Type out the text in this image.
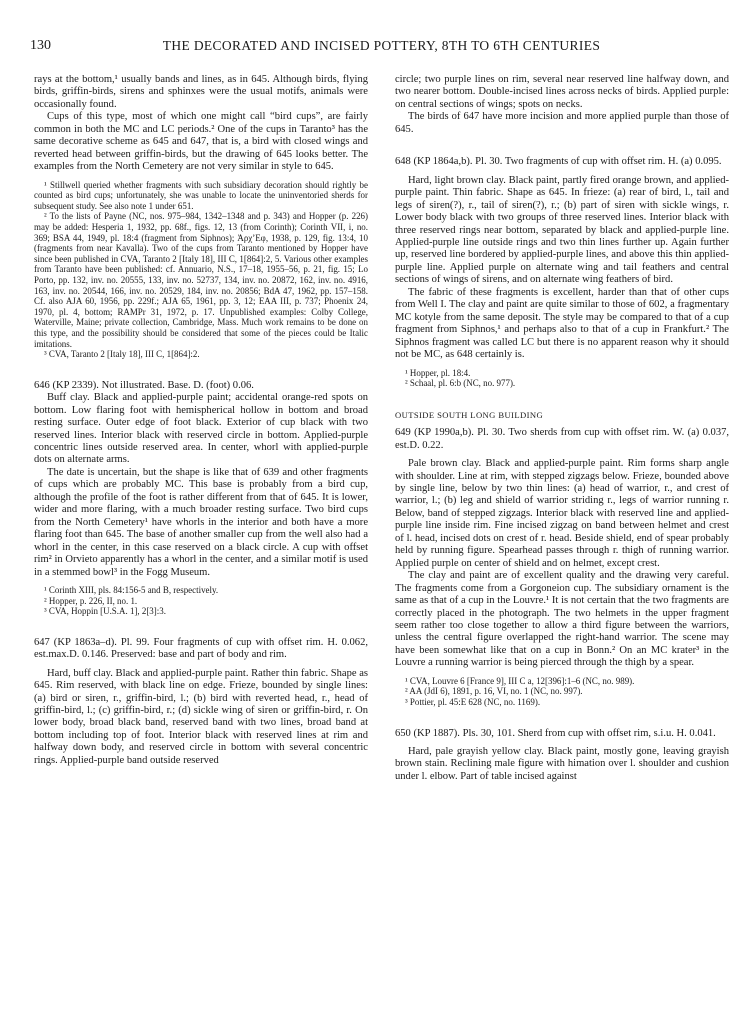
130	THE DECORATED AND INCISED POTTERY, 8TH TO 6TH CENTURIES

rays at the bottom,¹ usually bands and lines, as in 645. Although birds, flying birds, griffin-birds, sirens and sphinxes were the usual motifs, animals were occasionally found.

Cups of this type, most of which one might call “bird cups”, are fairly common in both the MC and LC periods.² One of the cups in Taranto³ has the same decorative scheme as 645 and 647, that is, a bird with closed wings and reverted head between griffin-birds, but the drawing of 645 looks better. The examples from the North Cemetery are not very similar in style to 645.

¹ Stillwell queried whether fragments with such subsidiary decoration should rightly be counted as bird cups; unfortunately, she was unable to locate the uninventoried sherds for subsequent study. See also note 1 under 651.

² To the lists of Payne (NC, nos. 975–984, 1342–1348 and p. 343) and Hopper (p. 226) may be added: Hesperia 1, 1932, pp. 68f., figs. 12, 13 (from Corinth); Corinth VII, i, no. 369; BSA 44, 1949, pl. 18:4 (fragment from Siphnos); Ἀρχ’Εφ, 1938, p. 129, fig. 13:4, 10 (fragments from near Kavalla). Two of the cups from Taranto mentioned by Hopper have since been published in CVA, Taranto 2 [Italy 18], III C, 1[864]:2, 5. Various other examples from Taranto have been published: cf. Annuario, N.S., 17–18, 1955–56, p. 21, fig. 15; Lo Porto, pp. 132, inv. no. 20555, 133, inv. no. 52737, 134, inv. no. 20872, 162, inv. no. 4916, 163, inv. no. 20544, 166, inv. no. 20529, 184, inv. no. 20856; BdA 47, 1962, pp. 157–158. Cf. also AJA 60, 1956, pp. 229f.; AJA 65, 1961, pp. 3, 12; EAA III, p. 737; Phoenix 24, 1970, pl. 4, bottom; RAMPr 31, 1972, p. 17. Unpublished examples: Colby College, Waterville, Maine; private collection, Cambridge, Mass. Much work remains to be done on this type, and the possibility should be considered that some of the pieces could be Italic imitations.

³ CVA, Taranto 2 [Italy 18], III C, 1[864]:2.

646 (KP 2339). Not illustrated. Base. D. (foot) 0.06.

Buff clay. Black and applied-purple paint; accidental orange-red spots on bottom. Low flaring foot with hemispherical hollow in bottom and broad resting surface. Outer edge of foot black. Exterior of cup black with two reserved lines. Interior black with reserved circle in bottom. Applied-purple concentric lines outside reserved area. In center, whorl with applied-purple dots on alternate arms.

The date is uncertain, but the shape is like that of 639 and other fragments of cups which are probably MC. This base is probably from a bird cup, although the profile of the foot is rather different from that of 645. It is lower, wider and more flaring, with a much broader resting surface. Two bird cups from the North Cemetery¹ have whorls in the interior and both have a more flaring foot than 645. The base of another smaller cup from the well also had a whorl in the center, in this case reserved on a black circle. A cup with offset rim² in Orvieto apparently has a whorl in the center, and a similar motif is used in a stemmed bowl³ in the Fogg Museum.

¹ Corinth XIII, pls. 84:156-5 and B, respectively.

² Hopper, p. 226, II, no. 1.

³ CVA, Hoppin [U.S.A. 1], 2[3]:3.

647 (KP 1863a–d). Pl. 99. Four fragments of cup with offset rim. H. 0.062, est.max.D. 0.146. Preserved: base and part of body and rim.

Hard, buff clay. Black and applied-purple paint. Rather thin fabric. Shape as 645. Rim reserved, with black line on edge. Frieze, bounded by single lines: (a) bird or siren, r., griffin-bird, l.; (b) bird with reverted head, r., head of griffin-bird, l.; (c) griffin-bird, r.; (d) sickle wing of siren or griffin-bird, r. On lower body, broad black band, reserved band with two lines, broad band at bottom including top of foot. Interior black with reserved lines at rim and halfway down body, and reserved circle in bottom with several concentric rings. Applied-purple band outside reserved

circle; two purple lines on rim, several near reserved line halfway down, and two nearer bottom. Double-incised lines across necks of birds. Applied purple: on central sections of wings; spots on necks.

The birds of 647 have more incision and more applied purple than those of 645.

648 (KP 1864a,b). Pl. 30. Two fragments of cup with offset rim. H. (a) 0.095.

Hard, light brown clay. Black paint, partly fired orange brown, and applied-purple paint. Thin fabric. Shape as 645. In frieze: (a) rear of bird, l., tail and legs of siren(?), r., tail of siren(?), r.; (b) part of siren with sickle wings, r. Lower body black with two groups of three reserved lines. Interior black with three reserved rings near bottom, separated by black and applied-purple line. Applied-purple line outside rings and two thin lines further up. Again further up, reserved line bordered by applied-purple lines, and above this thin applied-purple line. Applied purple on alternate wing and tail feathers and central sections of wings of sirens, and on alternate wing feathers of bird.

The fabric of these fragments is excellent, harder than that of other cups from Well I. The clay and paint are quite similar to those of 602, a fragmentary MC kotyle from the same deposit. The style may be compared to that of a cup fragment from Siphnos,¹ and perhaps also to that of a cup in Frankfurt.² The Siphnos fragment was called LC but there is no apparent reason why it should not be MC, as 648 certainly is.

¹ Hopper, pl. 18:4.

² Schaal, pl. 6:b (NC, no. 977).

OUTSIDE SOUTH LONG BUILDING

649 (KP 1990a,b). Pl. 30. Two sherds from cup with offset rim. W. (a) 0.037, est.D. 0.22.

Pale brown clay. Black and applied-purple paint. Rim forms sharp angle with shoulder. Line at rim, with stepped zigzags below. Frieze, bounded above by single line, below by two thin lines: (a) head of warrior, r., and crest of warrior, l.; (b) leg and shield of warrior striding r., legs of warrior running r. Below, band of stepped zigzags. Interior black with reserved line and applied-purple line inside rim. Fine incised zigzag on band between helmet and crest of l. head, incised dots on crest of r. head. Beside shield, end of spear probably held by running figure. Spearhead passes through r. thigh of running warrior. Applied purple on center of shield and on helmet, except crest.

The clay and paint are of excellent quality and the drawing very careful. The fragments come from a Gorgoneion cup. The subsidiary ornament is the same as that of a cup in the Louvre.¹ It is not certain that the two fragments are correctly placed in the photograph. The two helmets in the upper fragment seem rather too close together to allow a third figure between the warriors, unless the central figure overlapped the right-hand warrior. The scene may have been somewhat like that on a cup in Bonn.² On an MC krater³ in the Louvre a running warrior is being pierced through the thigh by a spear.

¹ CVA, Louvre 6 [France 9], III C a, 12[396]:1–6 (NC, no. 989).

² AA (JdI 6), 1891, p. 16, VI, no. 1 (NC, no. 997).

³ Pottier, pl. 45:E 628 (NC, no. 1169).

650 (KP 1887). Pls. 30, 101. Sherd from cup with offset rim, s.i.u. H. 0.041.

Hard, pale grayish yellow clay. Black paint, mostly gone, leaving grayish brown stain. Reclining male figure with himation over l. shoulder and cushion under l. elbow. Part of table incised against
